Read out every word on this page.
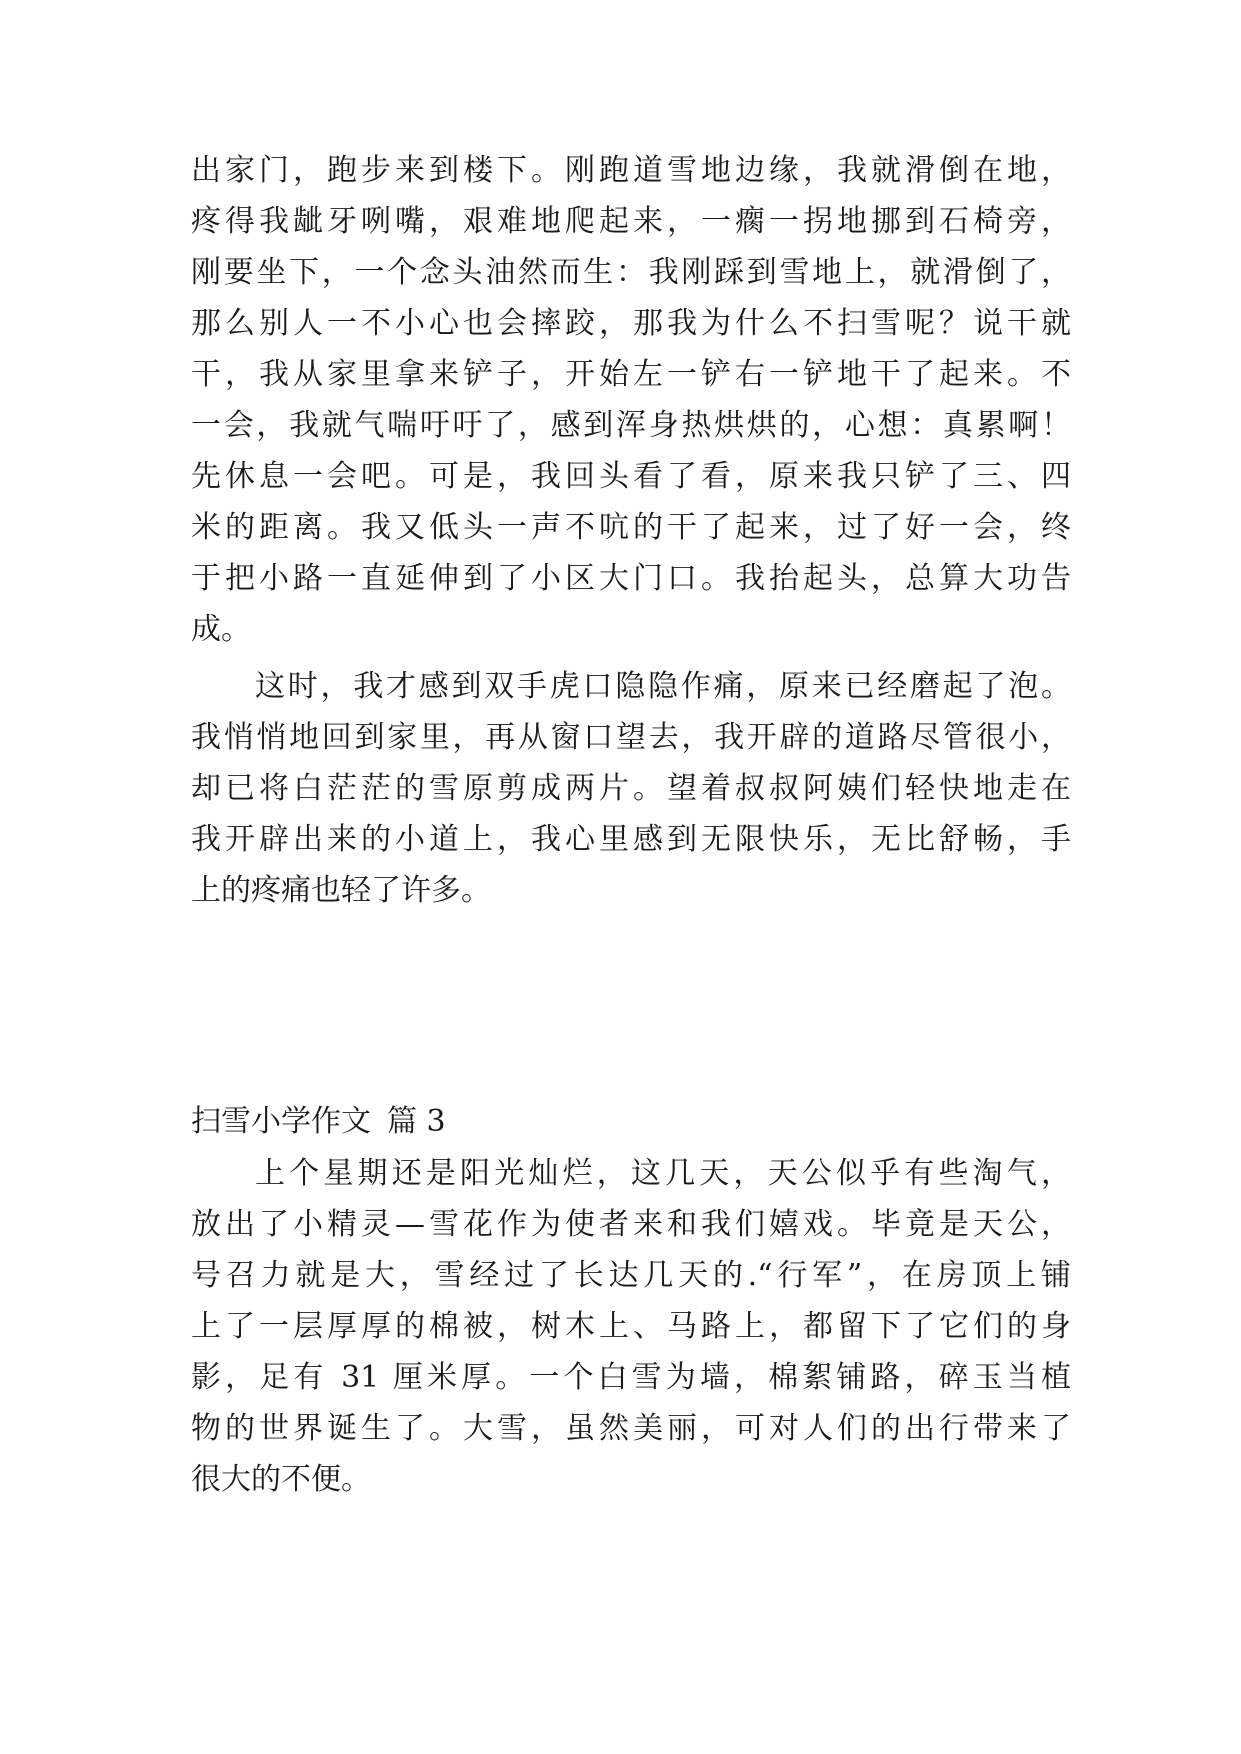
出家门，跑步来到楼下。刚跑道雪地边缘，我就滑倒在地，
疼得我龇牙咧嘴，艰难地爬起来，一瘸一拐地挪到石椅旁，
刚要坐下，一个念头油然而生：我刚踩到雪地上，就滑倒了，
那么别人一不小心也会摔跤，那我为什么不扫雪呢？说干就
干，我从家里拿来铲子，开始左一铲右一铲地干了起来。不
一会，我就气喘吁吁了，感到浑身热烘烘的，心想：真累啊！
先休息一会吧。可是，我回头看了看，原来我只铲了三、四
米的距离。我又低头一声不吭的干了起来，过了好一会，终
于把小路一直延伸到了小区大门口。我抬起头，总算大功告
成。
这时，我才感到双手虎口隐隐作痛，原来已经磨起了泡。
我悄悄地回到家里，再从窗口望去，我开辟的道路尽管很小，
却已将白茫茫的雪原剪成两片。望着叔叔阿姨们轻快地走在
我开辟出来的小道上，我心里感到无限快乐，无比舒畅，手
上的疼痛也轻了许多。
扫雪小学作文 篇 3
上个星期还是阳光灿烂，这几天，天公似乎有些淘气，
放出了小精灵—雪花作为使者来和我们嬉戏。毕竟是天公，
号召力就是大，雪经过了长达几天的.“行军”，在房顶上铺
上了一层厚厚的棉被，树木上、马路上，都留下了它们的身
影，足有 31 厘米厚。一个白雪为墙，棉絮铺路，碎玉当植
物的世界诞生了。大雪，虽然美丽，可对人们的出行带来了
很大的不便。
